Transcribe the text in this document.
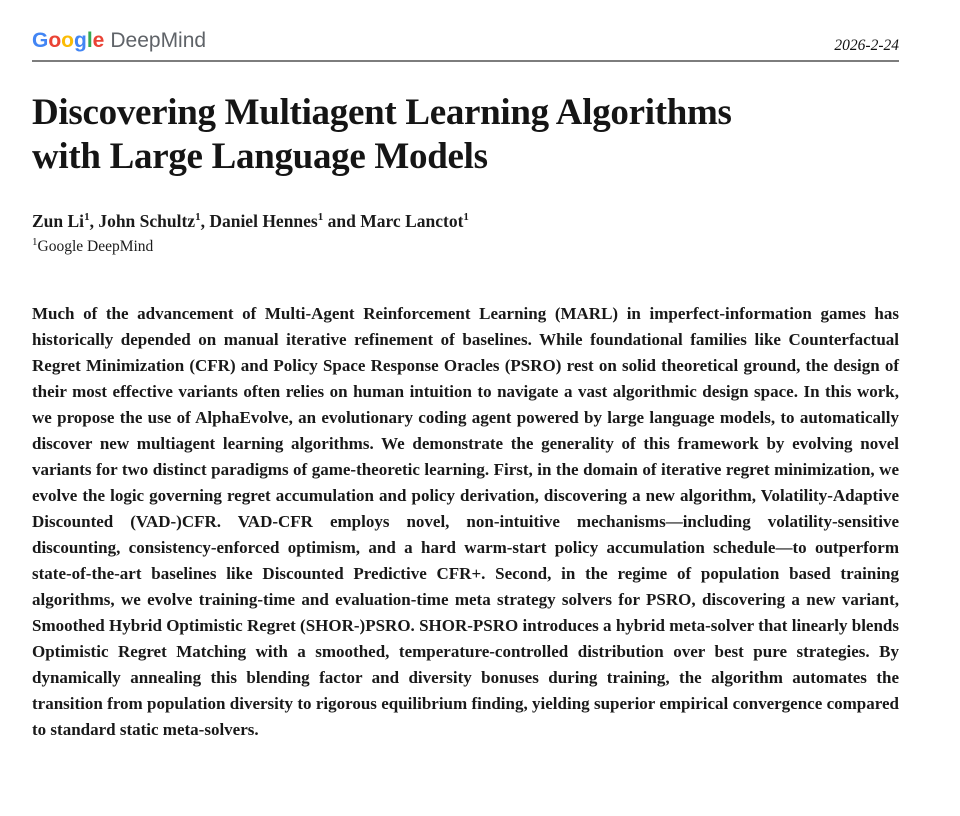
Google DeepMind	2026-2-24
Discovering Multiagent Learning Algorithms
with Large Language Models
Zun Li$^1$, John Schultz$^1$, Daniel Hennes$^1$ and Marc Lanctot$^1$
$^1$Google DeepMind

Much of the advancement of Multi-Agent Reinforcement Learning (MARL) in imperfect-information games has historically depended on manual iterative refinement of baselines. While foundational families like Counterfactual Regret Minimization (CFR) and Policy Space Response Oracles (PSRO) rest on solid theoretical ground, the design of their most effective variants often relies on human intuition to navigate a vast algorithmic design space. In this work, we propose the use of AlphaEvolve, an evolutionary coding agent powered by large language models, to automatically discover new multiagent learning algorithms. We demonstrate the generality of this framework by evolving novel variants for two distinct paradigms of game-theoretic learning. First, in the domain of iterative regret minimization, we evolve the logic governing regret accumulation and policy derivation, discovering a new algorithm, Volatility-Adaptive Discounted (VAD-)CFR. VAD-CFR employs novel, non-intuitive mechanisms—including volatility-sensitive discounting, consistency-enforced optimism, and a hard warm-start policy accumulation schedule—to outperform state-of-the-art baselines like Discounted Predictive CFR+. Second, in the regime of population based training algorithms, we evolve training-time and evaluation-time meta strategy solvers for PSRO, discovering a new variant, Smoothed Hybrid Optimistic Regret (SHOR-)PSRO. SHOR-PSRO introduces a hybrid meta-solver that linearly blends Optimistic Regret Matching with a smoothed, temperature-controlled distribution over best pure strategies. By dynamically annealing this blending factor and diversity bonuses during training, the algorithm automates the transition from population diversity to rigorous equilibrium finding, yielding superior empirical convergence compared to standard static meta-solvers.
